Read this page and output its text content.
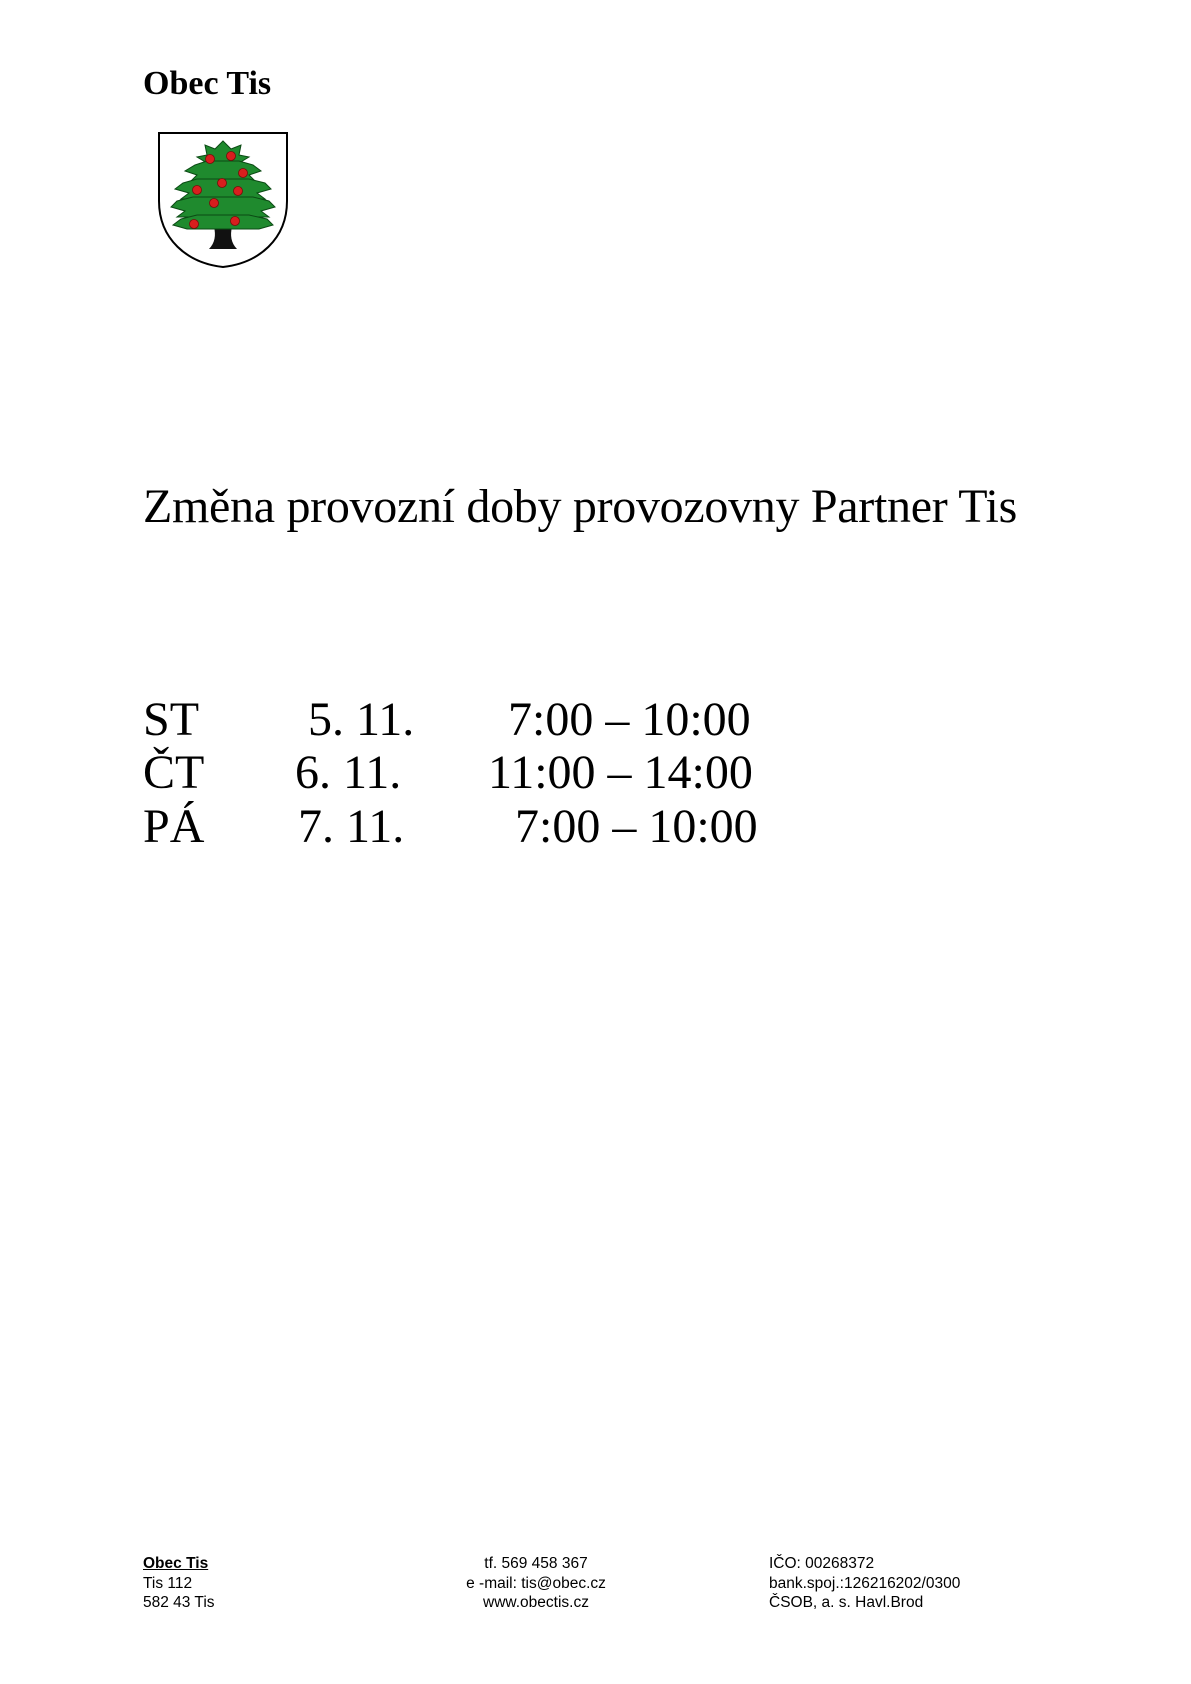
Obec Tis
Změna provozní doby provozovny Partner Tis
ST 5. 11. 7:00 – 10:00
ČT 6. 11. 11:00 – 14:00
PÁ 7. 11. 7:00 – 10:00
Obec Tis
Tis 112
582 43 Tis
tf. 569 458 367
e -mail: tis@obec.cz
www.obectis.cz
IČO: 00268372
bank.spoj.:126216202/0300
ČSOB, a. s. Havl.Brod
